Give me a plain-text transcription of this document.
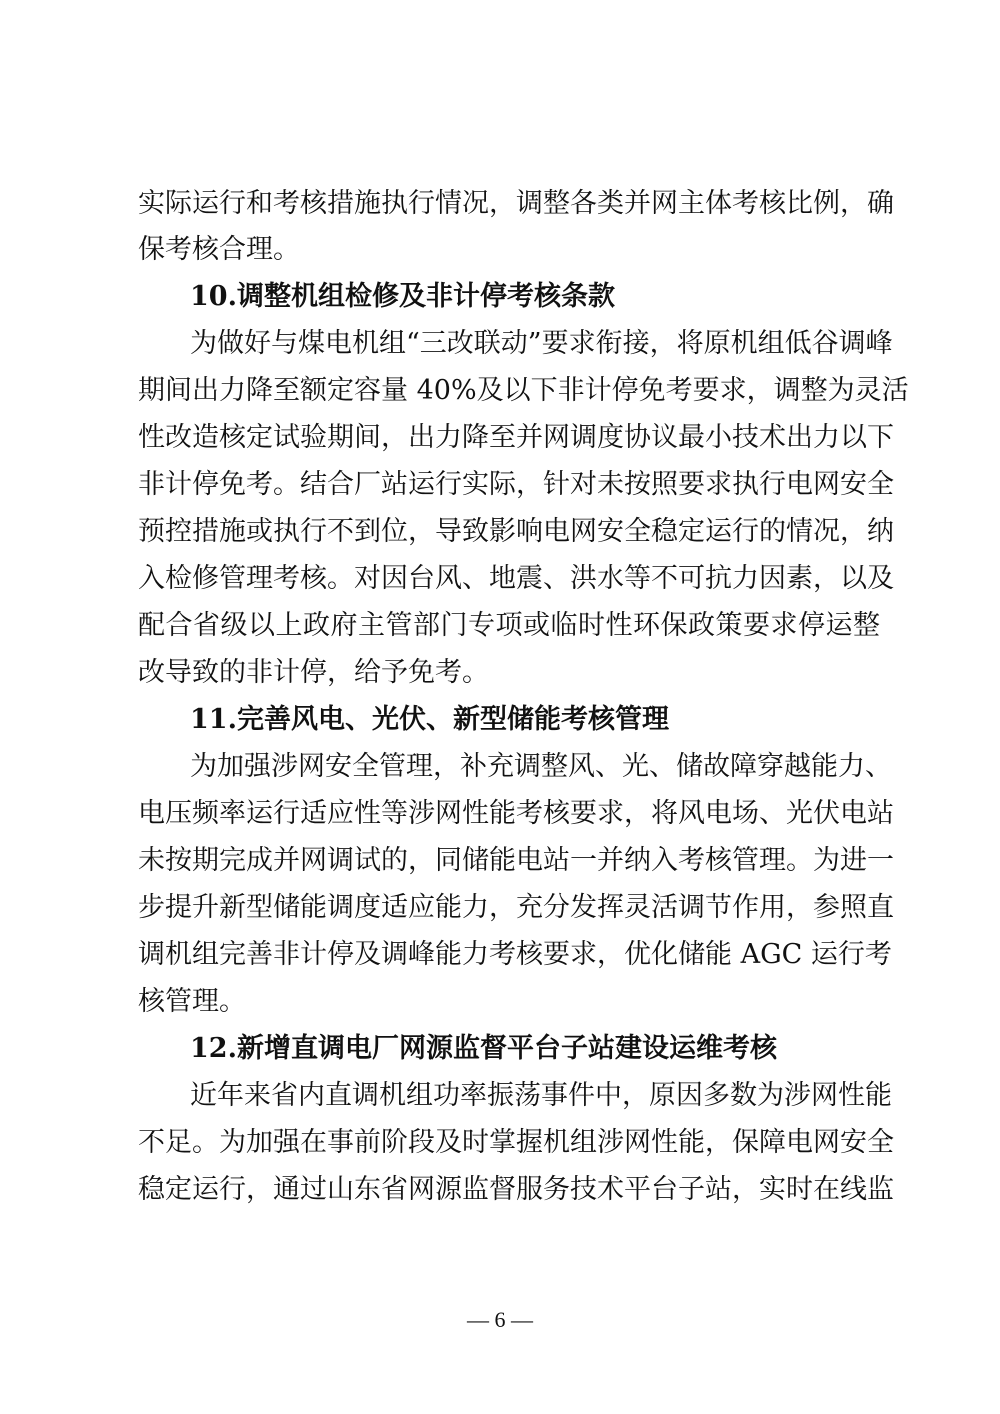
实际运行和考核措施执行情况，调整各类并网主体考核比例，确
保考核合理。
10.调整机组检修及非计停考核条款
为做好与煤电机组“三改联动”要求衔接，将原机组低谷调峰
期间出力降至额定容量 40%及以下非计停免考要求，调整为灵活
性改造核定试验期间，出力降至并网调度协议最小技术出力以下
非计停免考。结合厂站运行实际，针对未按照要求执行电网安全
预控措施或执行不到位，导致影响电网安全稳定运行的情况，纳
入检修管理考核。对因台风、地震、洪水等不可抗力因素，以及
配合省级以上政府主管部门专项或临时性环保政策要求停运整
改导致的非计停，给予免考。
11.完善风电、光伏、新型储能考核管理
为加强涉网安全管理，补充调整风、光、储故障穿越能力、
电压频率运行适应性等涉网性能考核要求，将风电场、光伏电站
未按期完成并网调试的，同储能电站一并纳入考核管理。为进一
步提升新型储能调度适应能力，充分发挥灵活调节作用，参照直
调机组完善非计停及调峰能力考核要求，优化储能 AGC 运行考
核管理。
12.新增直调电厂网源监督平台子站建设运维考核
近年来省内直调机组功率振荡事件中，原因多数为涉网性能
不足。为加强在事前阶段及时掌握机组涉网性能，保障电网安全
稳定运行，通过山东省网源监督服务技术平台子站，实时在线监
— 6 —
